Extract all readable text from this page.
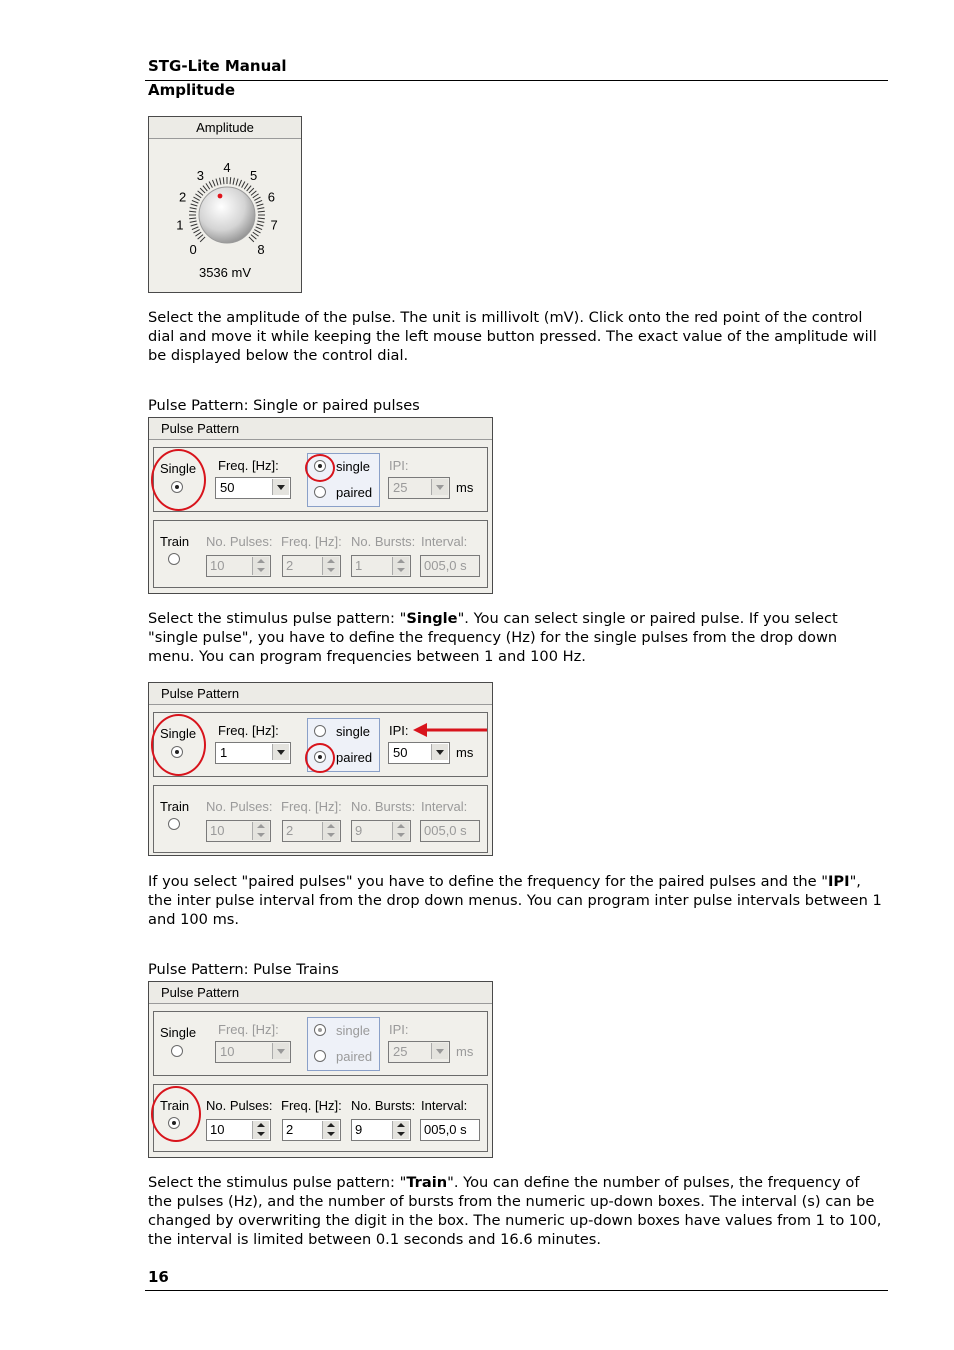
STG-Lite Manual
Amplitude
Amplitude
0
1
2
3
4
5
6
7
8
3536 mV
Select the amplitude of the pulse. The unit is millivolt (mV). Click onto the red point of the control dial and move it while keeping the left mouse button pressed. The exact value of the amplitude will be displayed below the control dial.
Pulse Pattern: Single or paired pulses
Pulse Pattern
Single Freq. [Hz]:
50
single
paired
IPI:
25	ms
Train No. Pulses: Freq. [Hz]: No. Bursts: Interval:
10	2	1	005,0 s
Select the stimulus pulse pattern: "Single". You can select single or paired pulse. If you select "single pulse", you have to define the frequency (Hz) for the single pulses from the drop down menu. You can program frequencies between 1 and 100 Hz.
Pulse Pattern
Single Freq. [Hz]:
1
single
paired
IPI:
50	ms
Train No. Pulses: Freq. [Hz]: No. Bursts: Interval:
10	2	9	005,0 s
If you select "paired pulses" you have to define the frequency for the paired pulses and the "IPI", the inter pulse interval from the drop down menus. You can program inter pulse intervals between 1 and 100 ms.
Pulse Pattern: Pulse Trains
Pulse Pattern
Single Freq. [Hz]:
10
single
paired
IPI:
25	ms
Train No. Pulses: Freq. [Hz]: No. Bursts: Interval:
10	2	9	005,0 s
Select the stimulus pulse pattern: "Train". You can define the number of pulses, the frequency of the pulses (Hz), and the number of bursts from the numeric up-down boxes. The interval (s) can be changed by overwriting the digit in the box. The numeric up-down boxes have values from 1 to 100, the interval is limited between 0.1 seconds and 16.6 minutes.
16
